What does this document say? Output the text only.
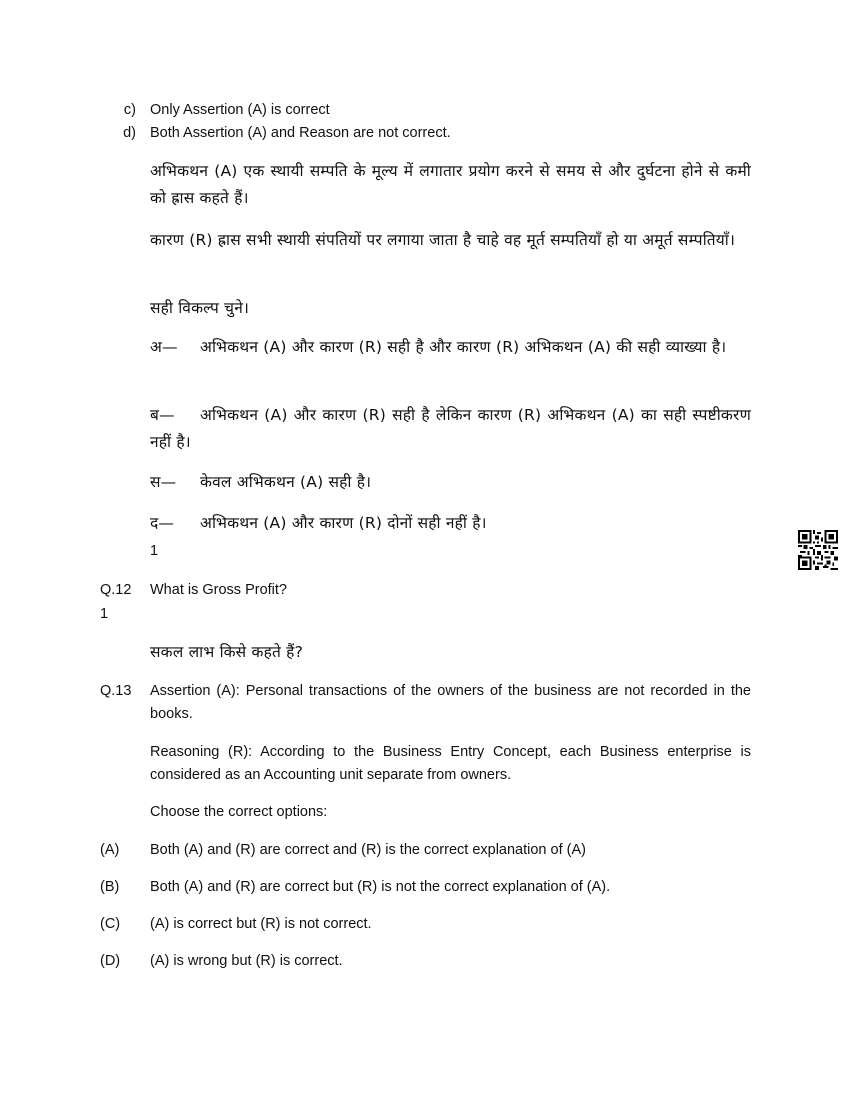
c) Only Assertion (A) is correct
d) Both Assertion (A) and Reason are not correct.

अभिकथन (A) एक स्थायी सम्पति के मूल्य में लगातार प्रयोग करने से समय से और दुर्घटना होने से कमी को ह्रास कहते हैं।

कारण (R) ह्रास सभी स्थायी संपतियों पर लगाया जाता है चाहे वह मूर्त सम्पतियाँ हो या अमूर्त सम्पतियाँ।

सही विकल्प चुने।

अ—	अभिकथन (A) और कारण (R) सही है और कारण (R) अभिकथन (A) की सही व्याख्या है।

ब—	अभिकथन (A) और कारण (R) सही है लेकिन कारण (R) अभिकथन (A) का सही स्पष्टीकरण नहीं है।

स— केवल अभिकथन (A) सही है।

द— अभिकथन (A) और कारण (R) दोनों सही नहीं है।

1
Q.12 What is Gross Profit?
1

सकल लाभ किसे कहते हैं?

Q.13 Assertion (A): Personal transactions of the owners of the business are not recorded in the books.

Reasoning (R): According to the Business Entry Concept, each Business enterprise is considered as an Accounting unit separate from owners.

Choose the correct options:

(A) Both (A) and (R) are correct and (R) is the correct explanation of (A)
(B) Both (A) and (R) are correct but (R) is not the correct explanation of (A).
(C) (A) is correct but (R) is not correct.
(D) (A) is wrong but (R) is correct.
